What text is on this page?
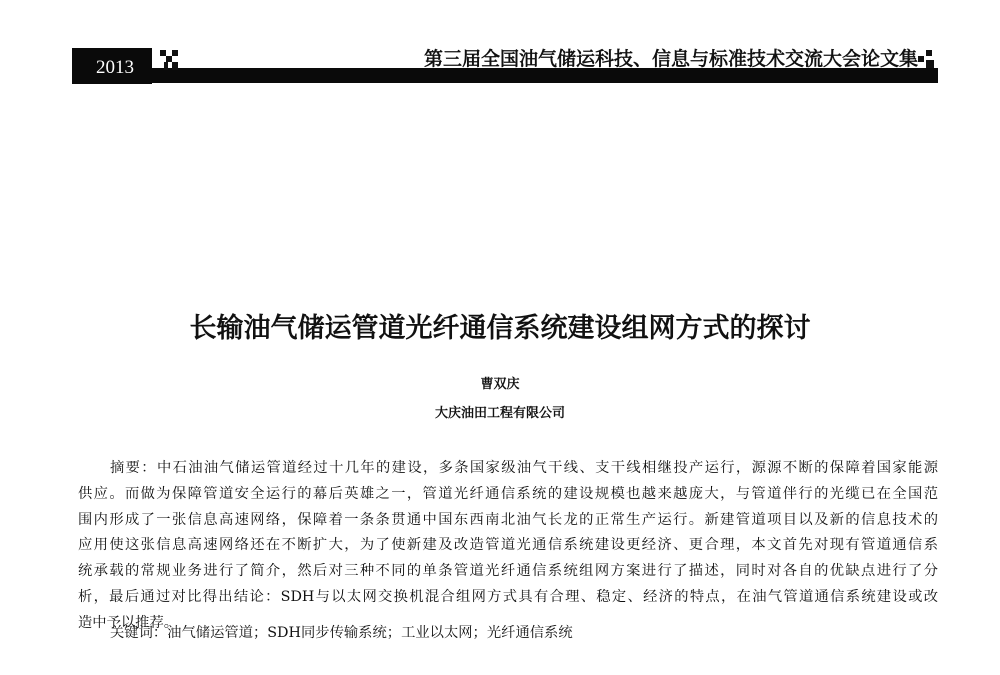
2013	第三届全国油气储运科技、信息与标准技术交流大会论文集
长输油气储运管道光纤通信系统建设组网方式的探讨
曹双庆
大庆油田工程有限公司
摘要：中石油油气储运管道经过十几年的建设，多条国家级油气干线、支干线相继投产运行，源源不断的保障着国家能源
供应。而做为保障管道安全运行的幕后英雄之一，管道光纤通信系统的建设规模也越来越庞大，与管道伴行的光缆已在全国范
围内形成了一张信息高速网络，保障着一条条贯通中国东西南北油气长龙的正常生产运行。新建管道项目以及新的信息技术的
应用使这张信息高速网络还在不断扩大，为了使新建及改造管道光通信系统建设更经济、更合理，本文首先对现有管道通信系
统承载的常规业务进行了简介，然后对三种不同的单条管道光纤通信系统组网方案进行了描述，同时对各自的优缺点进行了分
析，最后通过对比得出结论：SDH与以太网交换机混合组网方式具有合理、稳定、经济的特点，在油气管道通信系统建设或改
造中予以推荐。
关键词：油气储运管道；SDH同步传输系统；工业以太网；光纤通信系统
